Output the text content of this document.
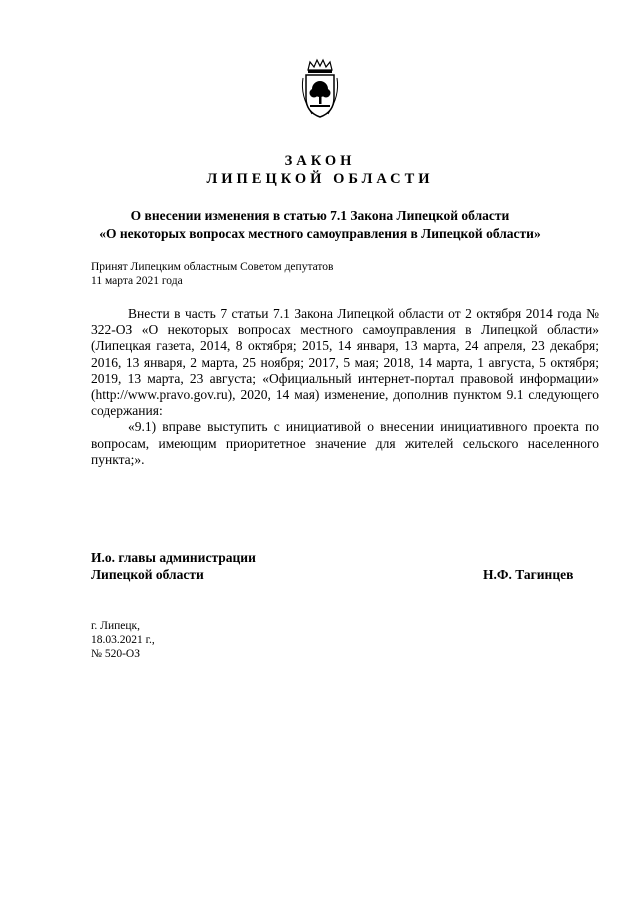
ЗАКОН
ЛИПЕЦКОЙ ОБЛАСТИ
О внесении изменения в статью 7.1 Закона Липецкой области
«О некоторых вопросах местного самоуправления в Липецкой области»
Принят Липецким областным Советом депутатов
11 марта 2021 года

Внести в часть 7 статьи 7.1 Закона Липецкой области от 2 октября 2014 года № 322-ОЗ «О некоторых вопросах местного самоуправления в Липецкой области» (Липецкая газета, 2014, 8 октября; 2015, 14 января, 13 марта, 24 апреля, 23 декабря; 2016, 13 января, 2 марта, 25 ноября; 2017, 5 мая; 2018, 14 марта, 1 августа, 5 октября; 2019, 13 марта, 23 августа; «Официальный интернет-портал правовой информации» (http://www.pravo.gov.ru), 2020, 14 мая) изменение, дополнив пунктом 9.1 следующего содержания:

«9.1) вправе выступить с инициативой о внесении инициативного проекта по вопросам, имеющим приоритетное значение для жителей сельского населенного пункта;».

И.о. главы администрации
Липецкой области	Н.Ф. Тагинцев
г. Липецк,
18.03.2021 г.,
№ 520-ОЗ
